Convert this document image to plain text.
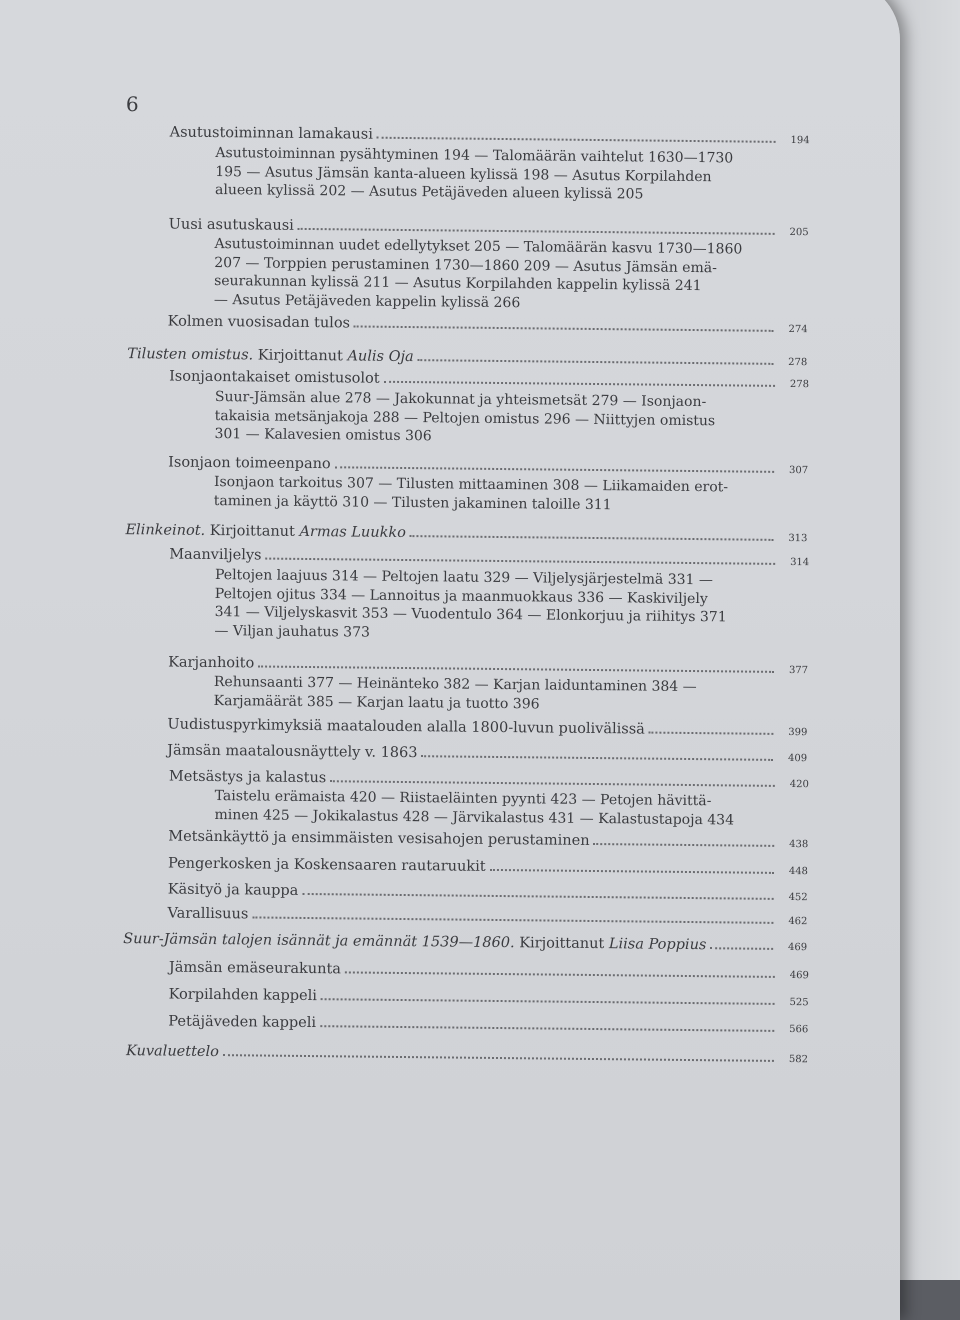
6
Asutustoiminnan lamakausi	194
Asutustoiminnan pysähtyminen 194 — Talomäärän vaihtelut 1630—1730
195 — Asutus Jämsän kanta-alueen kylissä 198 — Asutus Korpilahden
alueen kylissä 202 — Asutus Petäjäveden alueen kylissä 205
Uusi asutuskausi	205
Asutustoiminnan uudet edellytykset 205 — Talomäärän kasvu 1730—1860
207 — Torppien perustaminen 1730—1860 209 — Asutus Jämsän emä-
seurakunnan kylissä 211 — Asutus Korpilahden kappelin kylissä 241
— Asutus Petäjäveden kappelin kylissä 266
Kolmen vuosisadan tulos	274
Tilusten omistus. Kirjoittanut Aulis Oja	278
Isonjaontakaiset omistusolot	278
Suur-Jämsän alue 278 — Jakokunnat ja yhteismetsät 279 — Isonjaon-
takaisia metsänjakoja 288 — Peltojen omistus 296 — Niittyjen omistus
301 — Kalavesien omistus 306
Isonjaon toimeenpano	307
Isonjaon tarkoitus 307 — Tilusten mittaaminen 308 — Liikamaiden erot-
taminen ja käyttö 310 — Tilusten jakaminen taloille 311
Elinkeinot. Kirjoittanut Armas Luukko	313
Maanviljelys	314
Peltojen laajuus 314 — Peltojen laatu 329 — Viljelysjärjestelmä 331 —
Peltojen ojitus 334 — Lannoitus ja maanmuokkaus 336 — Kaskiviljely
341 — Viljelyskasvit 353 — Vuodentulo 364 — Elonkorjuu ja riihitys 371
— Viljan jauhatus 373
Karjanhoito	377
Rehunsaanti 377 — Heinänteko 382 — Karjan laiduntaminen 384 —
Karjamäärät 385 — Karjan laatu ja tuotto 396
Uudistuspyrkimyksiä maatalouden alalla 1800-luvun puolivälissä	399
Jämsän maatalousnäyttely v. 1863	409
Metsästys ja kalastus	420
Taistelu erämaista 420 — Riistaeläinten pyynti 423 — Petojen hävittä-
minen 425 — Jokikalastus 428 — Järvikalastus 431 — Kalastustapoja 434
Metsänkäyttö ja ensimmäisten vesisahojen perustaminen	438
Pengerkosken ja Koskensaaren rautaruukit	448
Käsityö ja kauppa	452
Varallisuus	462
Suur-Jämsän talojen isännät ja emännät 1539—1860. Kirjoittanut Liisa Poppius	469
Jämsän emäseurakunta	469
Korpilahden kappeli	525
Petäjäveden kappeli	566
Kuvaluettelo	582
